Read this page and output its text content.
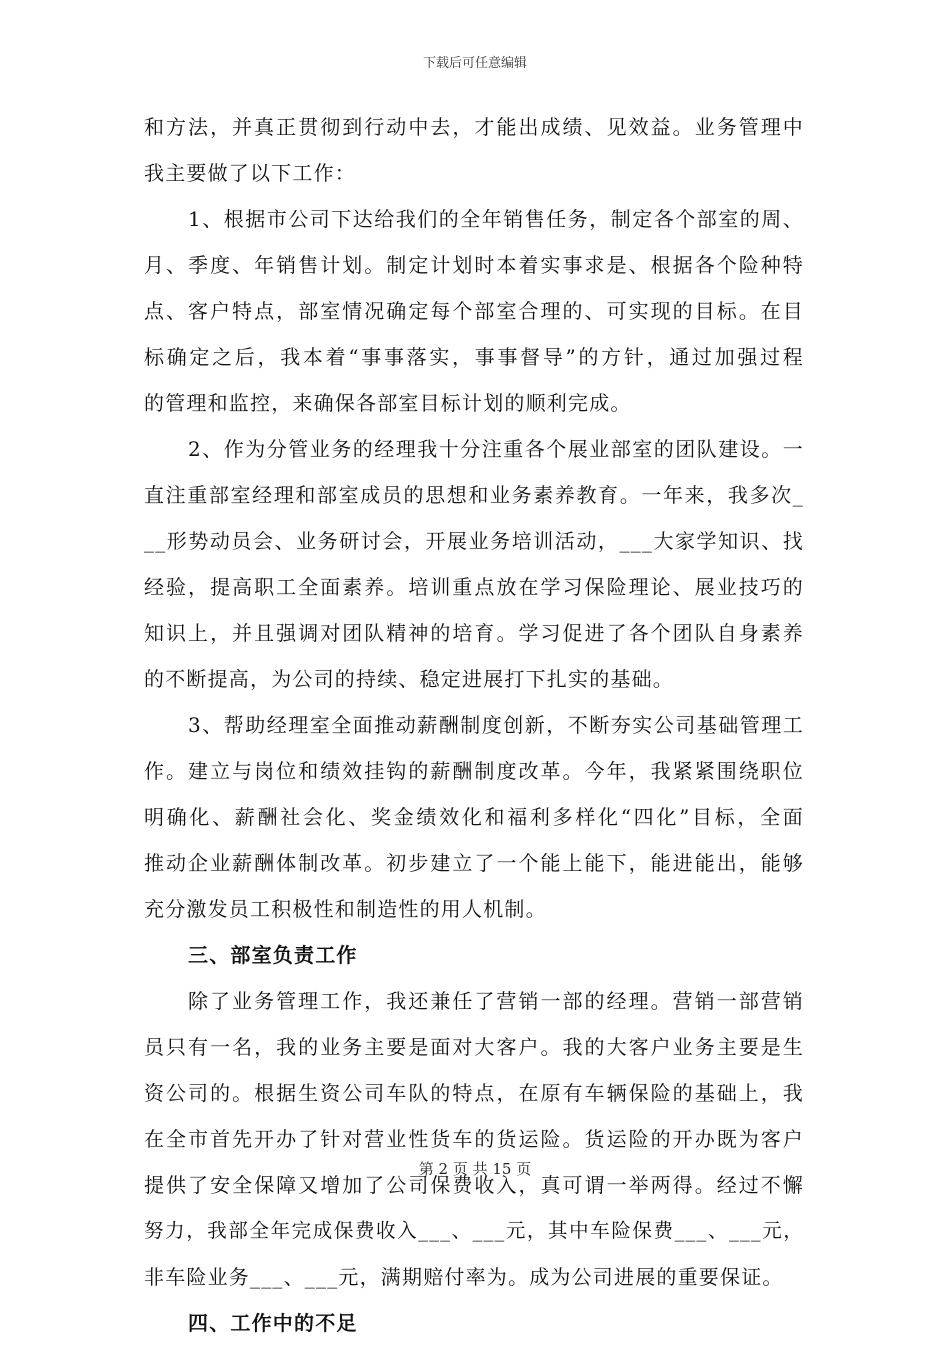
下载后可任意编辑
和方法，并真正贯彻到行动中去，才能出成绩、见效益。业务管理中
我主要做了以下工作：
1、根据市公司下达给我们的全年销售任务，制定各个部室的周、
月、季度、年销售计划。制定计划时本着实事求是、根据各个险种特
点、客户特点，部室情况确定每个部室合理的、可实现的目标。在目
标确定之后，我本着“事事落实，事事督导”的方针，通过加强过程
的管理和监控，来确保各部室目标计划的顺利完成。
2、作为分管业务的经理我十分注重各个展业部室的团队建设。一
直注重部室经理和部室成员的思想和业务素养教育。一年来，我多次_
__形势动员会、业务研讨会，开展业务培训活动，___大家学知识、找
经验，提高职工全面素养。培训重点放在学习保险理论、展业技巧的
知识上，并且强调对团队精神的培育。学习促进了各个团队自身素养
的不断提高，为公司的持续、稳定进展打下扎实的基础。
3、帮助经理室全面推动薪酬制度创新，不断夯实公司基础管理工
作。建立与岗位和绩效挂钩的薪酬制度改革。今年，我紧紧围绕职位
明确化、薪酬社会化、奖金绩效化和福利多样化“四化”目标，全面
推动企业薪酬体制改革。初步建立了一个能上能下，能进能出，能够
充分激发员工积极性和制造性的用人机制。
三、部室负责工作
除了业务管理工作，我还兼任了营销一部的经理。营销一部营销
员只有一名，我的业务主要是面对大客户。我的大客户业务主要是生
资公司的。根据生资公司车队的特点，在原有车辆保险的基础上，我
在全市首先开办了针对营业性货车的货运险。货运险的开办既为客户
提供了安全保障又增加了公司保费收入，真可谓一举两得。经过不懈
努力，我部全年完成保费收入___、___元，其中车险保费___、___元，
非车险业务___、___元，满期赔付率为。成为公司进展的重要保证。
四、工作中的不足
第 2 页 共 15 页
